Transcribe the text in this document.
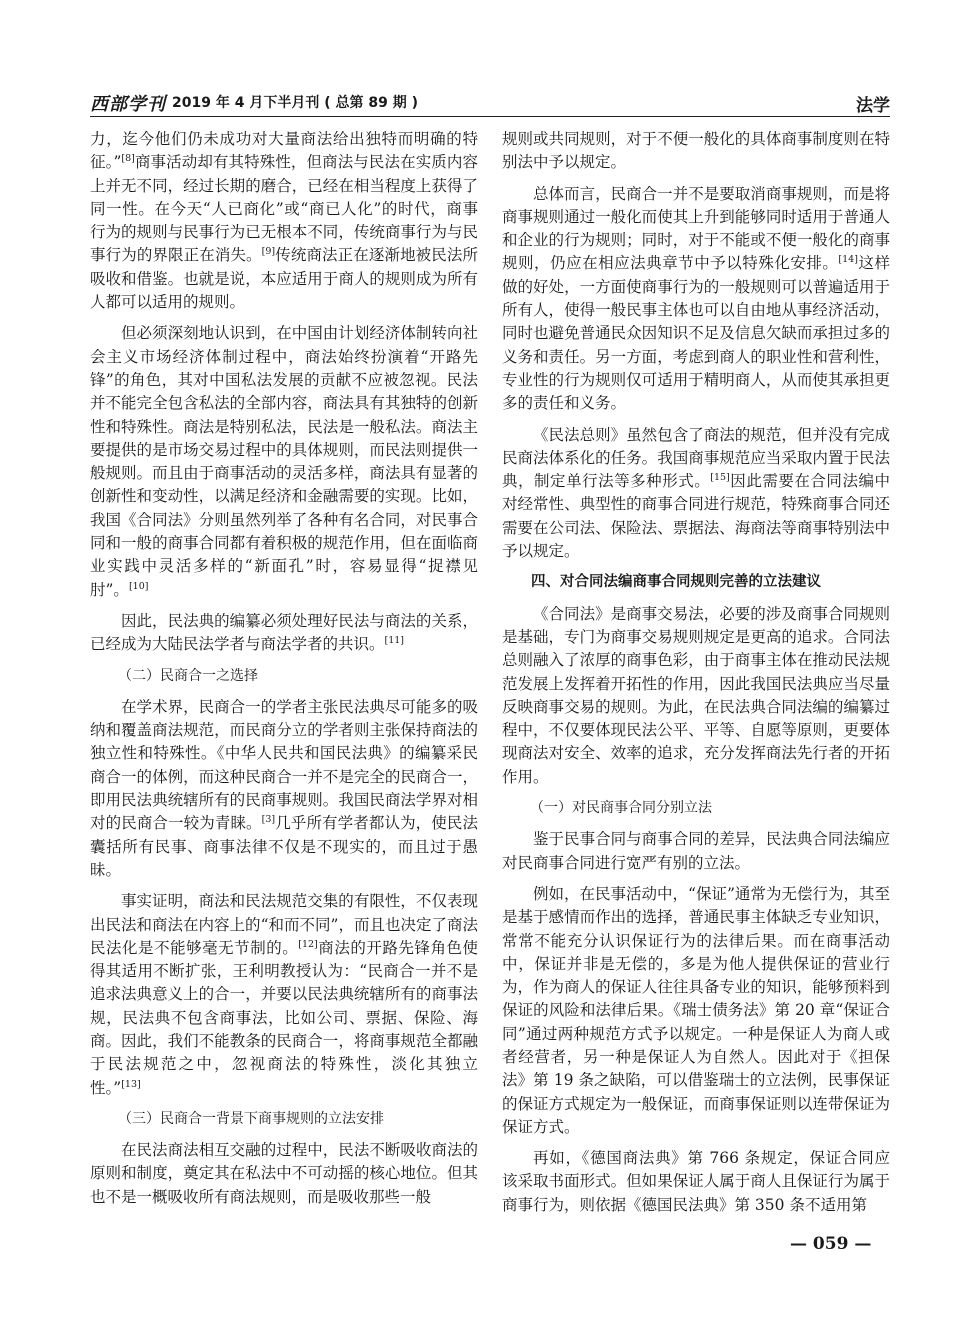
西部学刊 2019 年 4 月下半月刊 ( 总第 89 期 )	法学

力，迄今他们仍未成功对大量商法给出独特而明确的特征。”[8]商事活动却有其特殊性，但商法与民法在实质内容上并无不同，经过长期的磨合，已经在相当程度上获得了同一性。在今天“人已商化”或“商已人化”的时代，商事行为的规则与民事行为已无根本不同，传统商事行为与民事行为的界限正在消失。[9]传统商法正在逐渐地被民法所吸收和借鉴。也就是说，本应适用于商人的规则成为所有人都可以适用的规则。

但必须深刻地认识到，在中国由计划经济体制转向社会主义市场经济体制过程中，商法始终扮演着“开路先锋”的角色，其对中国私法发展的贡献不应被忽视。民法并不能完全包含私法的全部内容，商法具有其独特的创新性和特殊性。商法是特别私法，民法是一般私法。商法主要提供的是市场交易过程中的具体规则，而民法则提供一般规则。而且由于商事活动的灵活多样，商法具有显著的创新性和变动性，以满足经济和金融需要的实现。比如，我国《合同法》分则虽然列举了各种有名合同，对民事合同和一般的商事合同都有着积极的规范作用，但在面临商业实践中灵活多样的“新面孔”时，容易显得“捉襟见肘”。[10]

因此，民法典的编纂必须处理好民法与商法的关系，已经成为大陆民法学者与商法学者的共识。[11]

（二）民商合一之选择

在学术界，民商合一的学者主张民法典尽可能多的吸纳和覆盖商法规范，而民商分立的学者则主张保持商法的独立性和特殊性。《中华人民共和国民法典》的编纂采民商合一的体例，而这种民商合一并不是完全的民商合一，即用民法典统辖所有的民商事规则。我国民商法学界对相对的民商合一较为青睐。[3]几乎所有学者都认为，使民法囊括所有民事、商事法律不仅是不现实的，而且过于愚昧。

事实证明，商法和民法规范交集的有限性，不仅表现出民法和商法在内容上的“和而不同”，而且也决定了商法民法化是不能够毫无节制的。[12]商法的开路先锋角色使得其适用不断扩张，王利明教授认为：“民商合一并不是追求法典意义上的合一，并要以民法典统辖所有的商事法规，民法典不包含商事法，比如公司、票据、保险、海商。因此，我们不能教条的民商合一，将商事规范全都融于民法规范之中，忽视商法的特殊性，淡化其独立性。”[13]

（三）民商合一背景下商事规则的立法安排

在民法商法相互交融的过程中，民法不断吸收商法的原则和制度，奠定其在私法中不可动摇的核心地位。但其也不是一概吸收所有商法规则，而是吸收那些一般

规则或共同规则，对于不便一般化的具体商事制度则在特别法中予以规定。

总体而言，民商合一并不是要取消商事规则，而是将商事规则通过一般化而使其上升到能够同时适用于普通人和企业的行为规则；同时，对于不能或不便一般化的商事规则，仍应在相应法典章节中予以特殊化安排。[14]这样做的好处，一方面使商事行为的一般规则可以普遍适用于所有人，使得一般民事主体也可以自由地从事经济活动，同时也避免普通民众因知识不足及信息欠缺而承担过多的义务和责任。另一方面，考虑到商人的职业性和营利性，专业性的行为规则仅可适用于精明商人，从而使其承担更多的责任和义务。

《民法总则》虽然包含了商法的规范，但并没有完成民商法体系化的任务。我国商事规范应当采取内置于民法典，制定单行法等多种形式。[15]因此需要在合同法编中对经常性、典型性的商事合同进行规范，特殊商事合同还需要在公司法、保险法、票据法、海商法等商事特别法中予以规定。

四、对合同法编商事合同规则完善的立法建议

《合同法》是商事交易法，必要的涉及商事合同规则是基础，专门为商事交易规则规定是更高的追求。合同法总则融入了浓厚的商事色彩，由于商事主体在推动民法规范发展上发挥着开拓性的作用，因此我国民法典应当尽量反映商事交易的规则。为此，在民法典合同法编的编纂过程中，不仅要体现民法公平、平等、自愿等原则，更要体现商法对安全、效率的追求，充分发挥商法先行者的开拓作用。

（一）对民商事合同分别立法

鉴于民事合同与商事合同的差异，民法典合同法编应对民商事合同进行宽严有别的立法。

例如，在民事活动中，“保证”通常为无偿行为，其至是基于感情而作出的选择，普通民事主体缺乏专业知识，常常不能充分认识保证行为的法律后果。而在商事活动中，保证并非是无偿的，多是为他人提供保证的营业行为，作为商人的保证人往往具备专业的知识，能够预料到保证的风险和法律后果。《瑞士债务法》第 20 章“保证合同”通过两种规范方式予以规定。一种是保证人为商人或者经营者，另一种是保证人为自然人。因此对于《担保法》第 19 条之缺陷，可以借鉴瑞士的立法例，民事保证的保证方式规定为一般保证，而商事保证则以连带保证为保证方式。

再如，《德国商法典》第 766 条规定，保证合同应该采取书面形式。但如果保证人属于商人且保证行为属于商事行为，则依据《德国民法典》第 350 条不适用第

— 059 —
